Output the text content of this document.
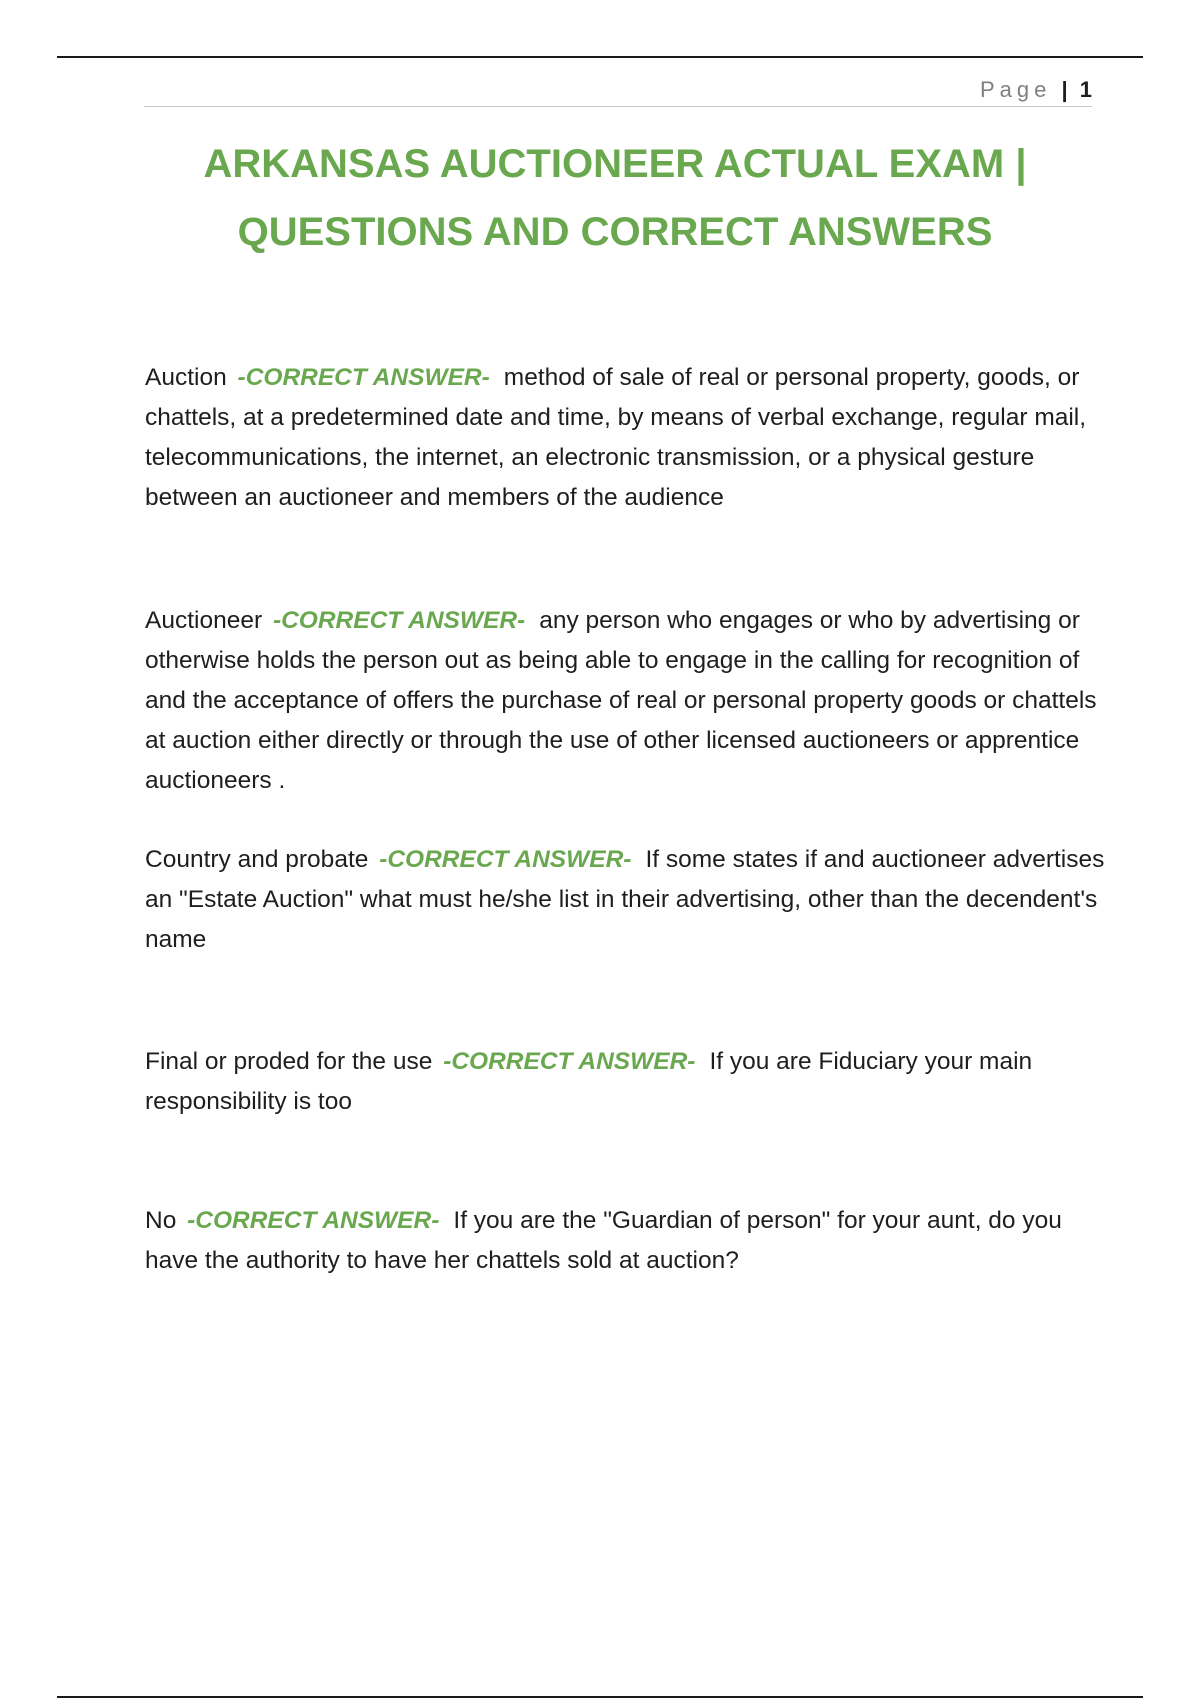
Page | 1
ARKANSAS AUCTIONEER ACTUAL EXAM | QUESTIONS AND CORRECT ANSWERS

Auction -CORRECT ANSWER- method of sale of real or personal property, goods, or chattels, at a predetermined date and time, by means of verbal exchange, regular mail, telecommunications, the internet, an electronic transmission, or a physical gesture between an auctioneer and members of the audience

Auctioneer -CORRECT ANSWER- any person who engages or who by advertising or otherwise holds the person out as being able to engage in the calling for recognition of and the acceptance of offers the purchase of real or personal property goods or chattels at auction either directly or through the use of other licensed auctioneers or apprentice auctioneers .

Country and probate -CORRECT ANSWER- If some states if and auctioneer advertises an "Estate Auction" what must he/she list in their advertising, other than the decendent's name

Final or proded for the use -CORRECT ANSWER- If you are Fiduciary your main responsibility is too

No -CORRECT ANSWER- If you are the "Guardian of person" for your aunt, do you have the authority to have her chattels sold at auction?
